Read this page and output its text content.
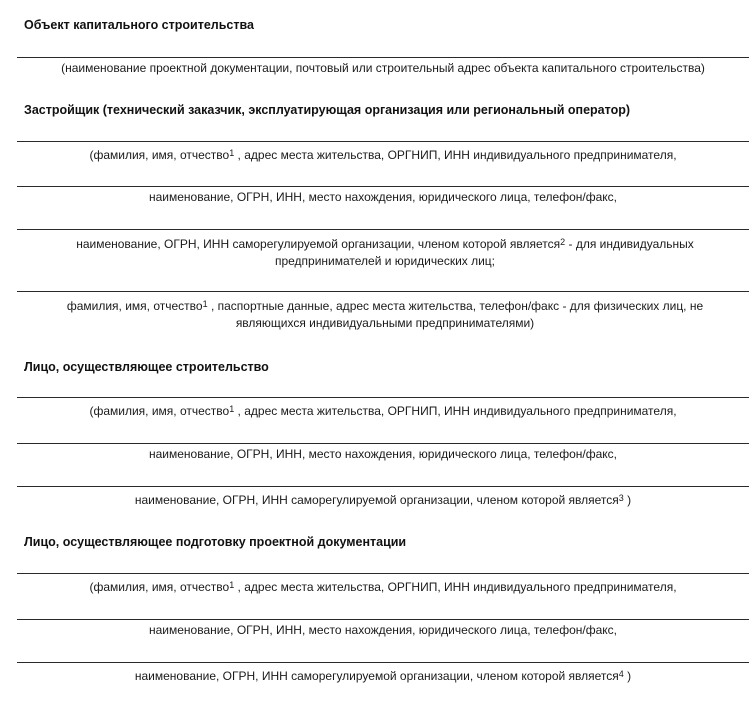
Объект капитального строительства
(наименование проектной документации, почтовый или строительный адрес объекта капитального строительства)
Застройщик (технический заказчик, эксплуатирующая организация или региональный оператор)
(фамилия, имя, отчество$^1$ , адрес места жительства, ОРГНИП, ИНН индивидуального предпринимателя,
наименование, ОГРН, ИНН, место нахождения, юридического лица, телефон/факс,
наименование, ОГРН, ИНН саморегулируемой организации, членом которой является$^2$ - для индивидуальных предпринимателей и юридических лиц;
фамилия, имя, отчество$^1$ , паспортные данные, адрес места жительства, телефон/факс - для физических лиц, не являющихся индивидуальными предпринимателями)
Лицо, осуществляющее строительство
(фамилия, имя, отчество$^1$ , адрес места жительства, ОРГНИП, ИНН индивидуального предпринимателя,
наименование, ОГРН, ИНН, место нахождения, юридического лица, телефон/факс,
наименование, ОГРН, ИНН саморегулируемой организации, членом которой является$^3$ )
Лицо, осуществляющее подготовку проектной документации
(фамилия, имя, отчество$^1$ , адрес места жительства, ОРГНИП, ИНН индивидуального предпринимателя,
наименование, ОГРН, ИНН, место нахождения, юридического лица, телефон/факс,
наименование, ОГРН, ИНН саморегулируемой организации, членом которой является$^4$ )
